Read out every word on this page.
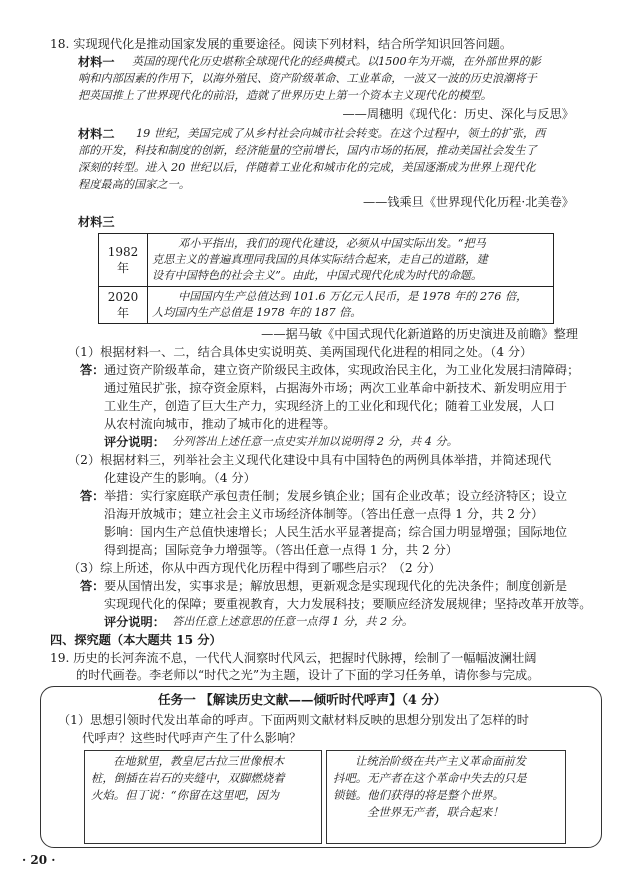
18. 实现现代化是推动国家发展的重要途径。阅读下列材料，结合所学知识回答问题。
材料一 英国的现代化历史堪称全球现代化的经典模式。以1500年为开端，在外部世界的影
响和内部因素的作用下，以海外殖民、资产阶级革命、工业革命，一波又一波的历史浪潮将于
把英国推上了世界现代化的前沿，造就了世界历史上第一个资本主义现代化的模型。
——周穗明《现代化：历史、深化与反思》
材料二 19 世纪，美国完成了从乡村社会向城市社会转变。在这个过程中，领土的扩张，西
部的开发，科技和制度的创新，经济能量的空前增长，国内市场的拓展，推动美国社会发生了
深刻的转型。进入 20 世纪以后，伴随着工业化和城市化的完成，美国逐渐成为世界上现代化
程度最高的国家之一。
——钱乘旦《世界现代化历程·北美卷》
材料三
1982 年	邓小平指出，我们的现代化建设，必须从中国实际出发。“把马
克思主义的普遍真理同我国的具体实际结合起来，走自己的道路，建
设有中国特色的社会主义”。由此，中国式现代化成为时代的命题。

2020 年	中国国内生产总值达到 101.6 万亿元人民币，是 1978 年的 276 倍，
人均国内生产总值是 1978 年的 187 倍。
——据马敏《中国式现代化新道路的历史演进及前瞻》整理
（1）根据材料一、二，结合具体史实说明英、美两国现代化进程的相同之处。（4 分）
答： 通过资产阶级革命，建立资产阶级民主政体，实现政治民主化，为工业化发展扫清障碍；
通过殖民扩张，掠夺资金原料，占据海外市场；两次工业革命中新技术、新发明应用于
工业生产，创造了巨大生产力，实现经济上的工业化和现代化；随着工业发展，人口
从农村流向城市，推动了城市化的进程等。
评分说明： 分列答出上述任意一点史实并加以说明得 2 分，共 4 分。
（2）根据材料三，列举社会主义现代化建设中具有中国特色的两例具体举措，并简述现代
化建设产生的影响。（4 分）
答： 举措：实行家庭联产承包责任制；发展乡镇企业；国有企业改革；设立经济特区；设立
沿海开放城市；建立社会主义市场经济体制等。（答出任意一点得 1 分，共 2 分）
影响：国内生产总值快速增长；人民生活水平显著提高；综合国力明显增强；国际地位
得到提高；国际竞争力增强等。（答出任意一点得 1 分，共 2 分）
（3）综上所述，你从中西方现代化历程中得到了哪些启示？（2 分）
答： 要从国情出发，实事求是；解放思想，更新观念是实现现代化的先决条件；制度创新是
实现现代化的保障；要重视教育，大力发展科技；要顺应经济发展规律；坚持改革开放等。
评分说明： 答出任意上述意思的任意一点得 1 分，共 2 分。
四、探究题（本大题共 15 分）
19. 历史的长河奔流不息，一代代人洞察时代风云，把握时代脉搏，绘制了一幅幅波澜壮阔
的时代画卷。李老师以“时代之光”为主题，设计了下面的学习任务单，请你参与完成。
任务一 【解读历史文献——倾听时代呼声】（4 分）
（1）思想引领时代发出革命的呼声。下面两则文献材料反映的思想分别发出了怎样的时
代呼声？这些时代呼声产生了什么影响？
在地狱里，教皇尼古拉三世像根木
桩，倒插在岩石的夹缝中，双脚燃烧着
火焰。但丁说：“你留在这里吧，因为
让统治阶级在共产主义革命面前发
抖吧。无产者在这个革命中失去的只是
锁链。他们获得的将是整个世界。
全世界无产者，联合起来！
· 20 ·
